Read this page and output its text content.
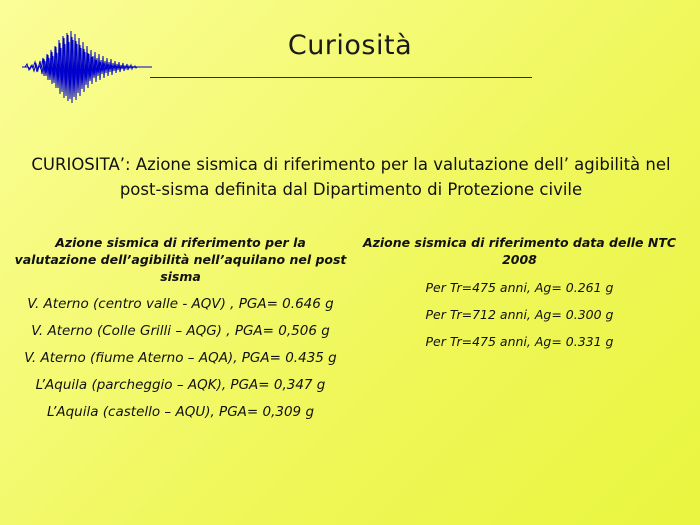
Curiosità
CURIOSITA’: Azione sismica di riferimento per la valutazione dell’ agibilità nel post-sisma definita dal Dipartimento di Protezione civile
Azione sismica di riferimento per la valutazione dell’agibilità nell’aquilano nel post sisma
V. Aterno (centro valle - AQV) , PGA= 0.646 g
V. Aterno (Colle Grilli – AQG) , PGA= 0,506 g
V. Aterno (fiume Aterno – AQA), PGA= 0.435 g
L’Aquila (parcheggio – AQK), PGA= 0,347 g
L’Aquila (castello – AQU), PGA= 0,309 g
Azione sismica di riferimento data delle NTC 2008
Per Tr=475 anni, Ag= 0.261 g
Per Tr=712 anni, Ag= 0.300 g
Per Tr=475 anni, Ag= 0.331 g
